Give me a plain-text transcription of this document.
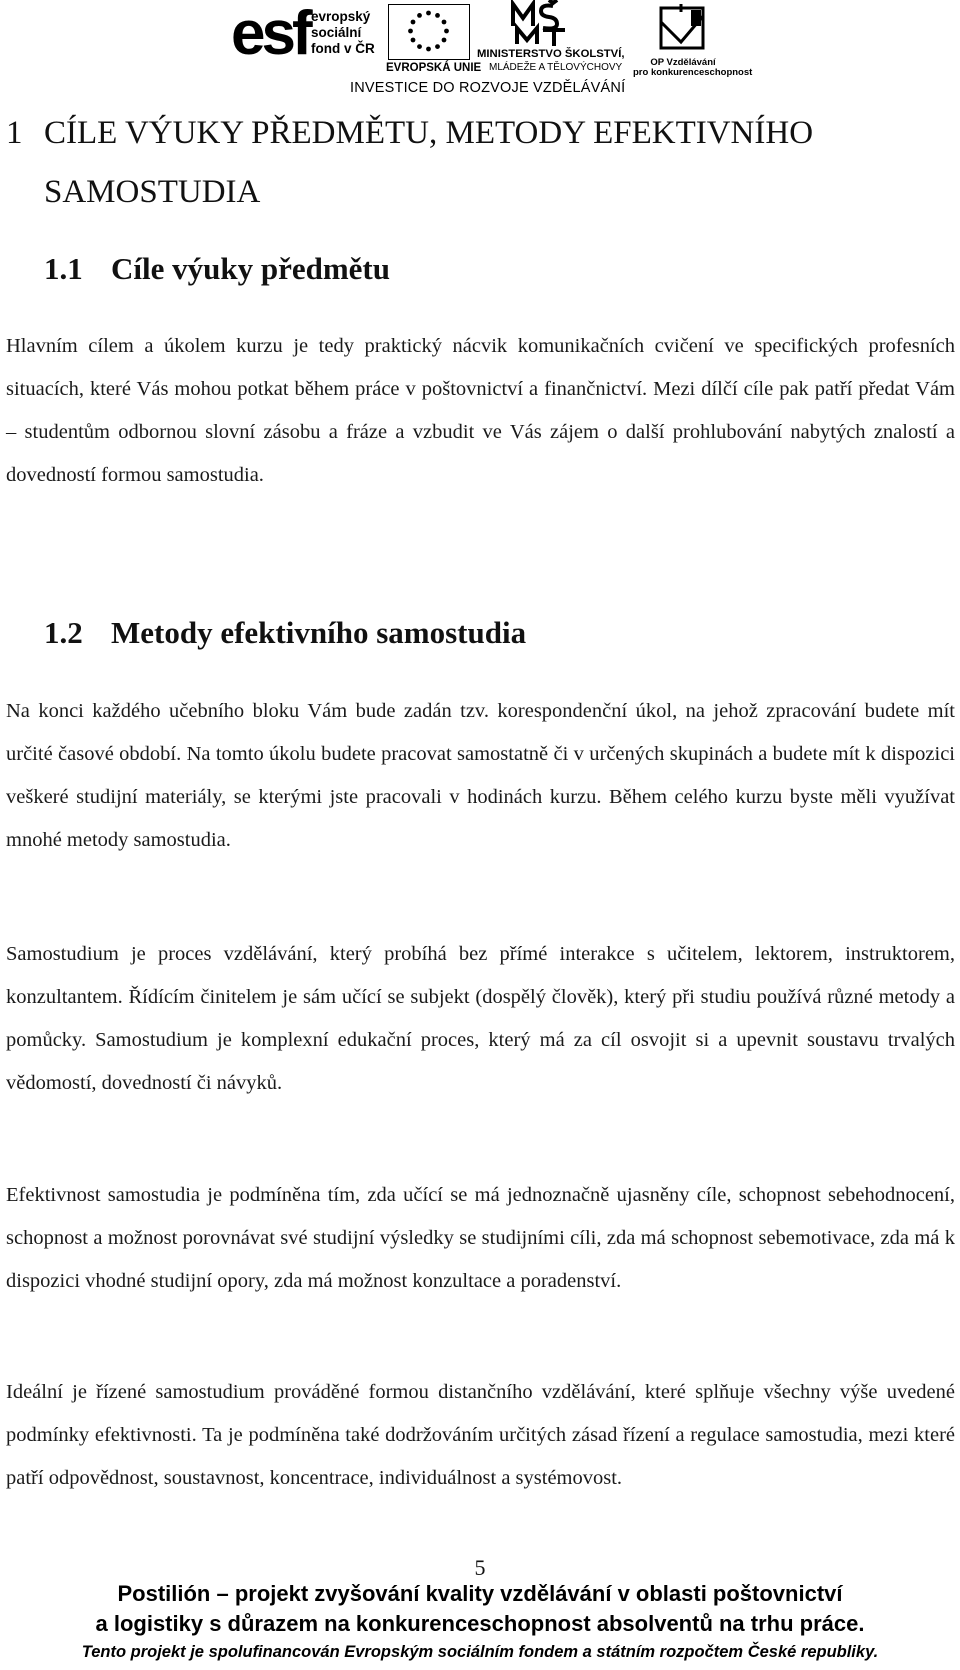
esf evropský
sociální
fond v ČR
EVROPSKÁ UNIE
MINISTERSTVO ŠKOLSTVÍ,
MLÁDEŽE A TĚLOVÝCHOVY	OP Vzdělávání
pro konkurenceschopnost
INVESTICE DO ROZVOJE VZDĚLÁVÁNÍ
1 CÍLE VÝUKY PŘEDMĚTU, METODY EFEKTIVNÍHO
SAMOSTUDIA
1.1 Cíle výuky předmětu

Hlavním cílem a úkolem kurzu je tedy praktický nácvik komunikačních cvičení ve specifických profesních situacích, které Vás mohou potkat během práce v poštovnictví a finančnictví. Mezi dílčí cíle pak patří předat Vám – studentům odbornou slovní zásobu a fráze a vzbudit ve Vás zájem o další prohlubování nabytých znalostí a dovedností formou samostudia.

1.2 Metody efektivního samostudia

Na konci každého učebního bloku Vám bude zadán tzv. korespondenční úkol, na jehož zpracování budete mít určité časové období. Na tomto úkolu budete pracovat samostatně či v určených skupinách a budete mít k dispozici veškeré studijní materiály, se kterými jste pracovali v hodinách kurzu. Během celého kurzu byste měli využívat mnohé metody samostudia.

Samostudium je proces vzdělávání, který probíhá bez přímé interakce s učitelem, lektorem, instruktorem, konzultantem. Řídícím činitelem je sám učící se subjekt (dospělý člověk), který při studiu používá různé metody a pomůcky. Samostudium je komplexní edukační proces, který má za cíl osvojit si a upevnit soustavu trvalých vědomostí, dovedností či návyků.

Efektivnost samostudia je podmíněna tím, zda učící se má jednoznačně ujasněny cíle, schopnost sebehodnocení, schopnost a možnost porovnávat své studijní výsledky se studijními cíli, zda má schopnost sebemotivace, zda má k dispozici vhodné studijní opory, zda má možnost konzultace a poradenství.

Ideální je řízené samostudium prováděné formou distančního vzdělávání, které splňuje všechny výše uvedené podmínky efektivnosti. Ta je podmíněna také dodržováním určitých zásad řízení a regulace samostudia, mezi které patří odpovědnost, soustavnost, koncentrace, individuálnost a systémovost.

5
Postilión – projekt zvyšování kvality vzdělávání v oblasti poštovnictví
a logistiky s důrazem na konkurenceschopnost absolventů na trhu práce.
Tento projekt je spolufinancován Evropským sociálním fondem a státním rozpočtem České republiky.
